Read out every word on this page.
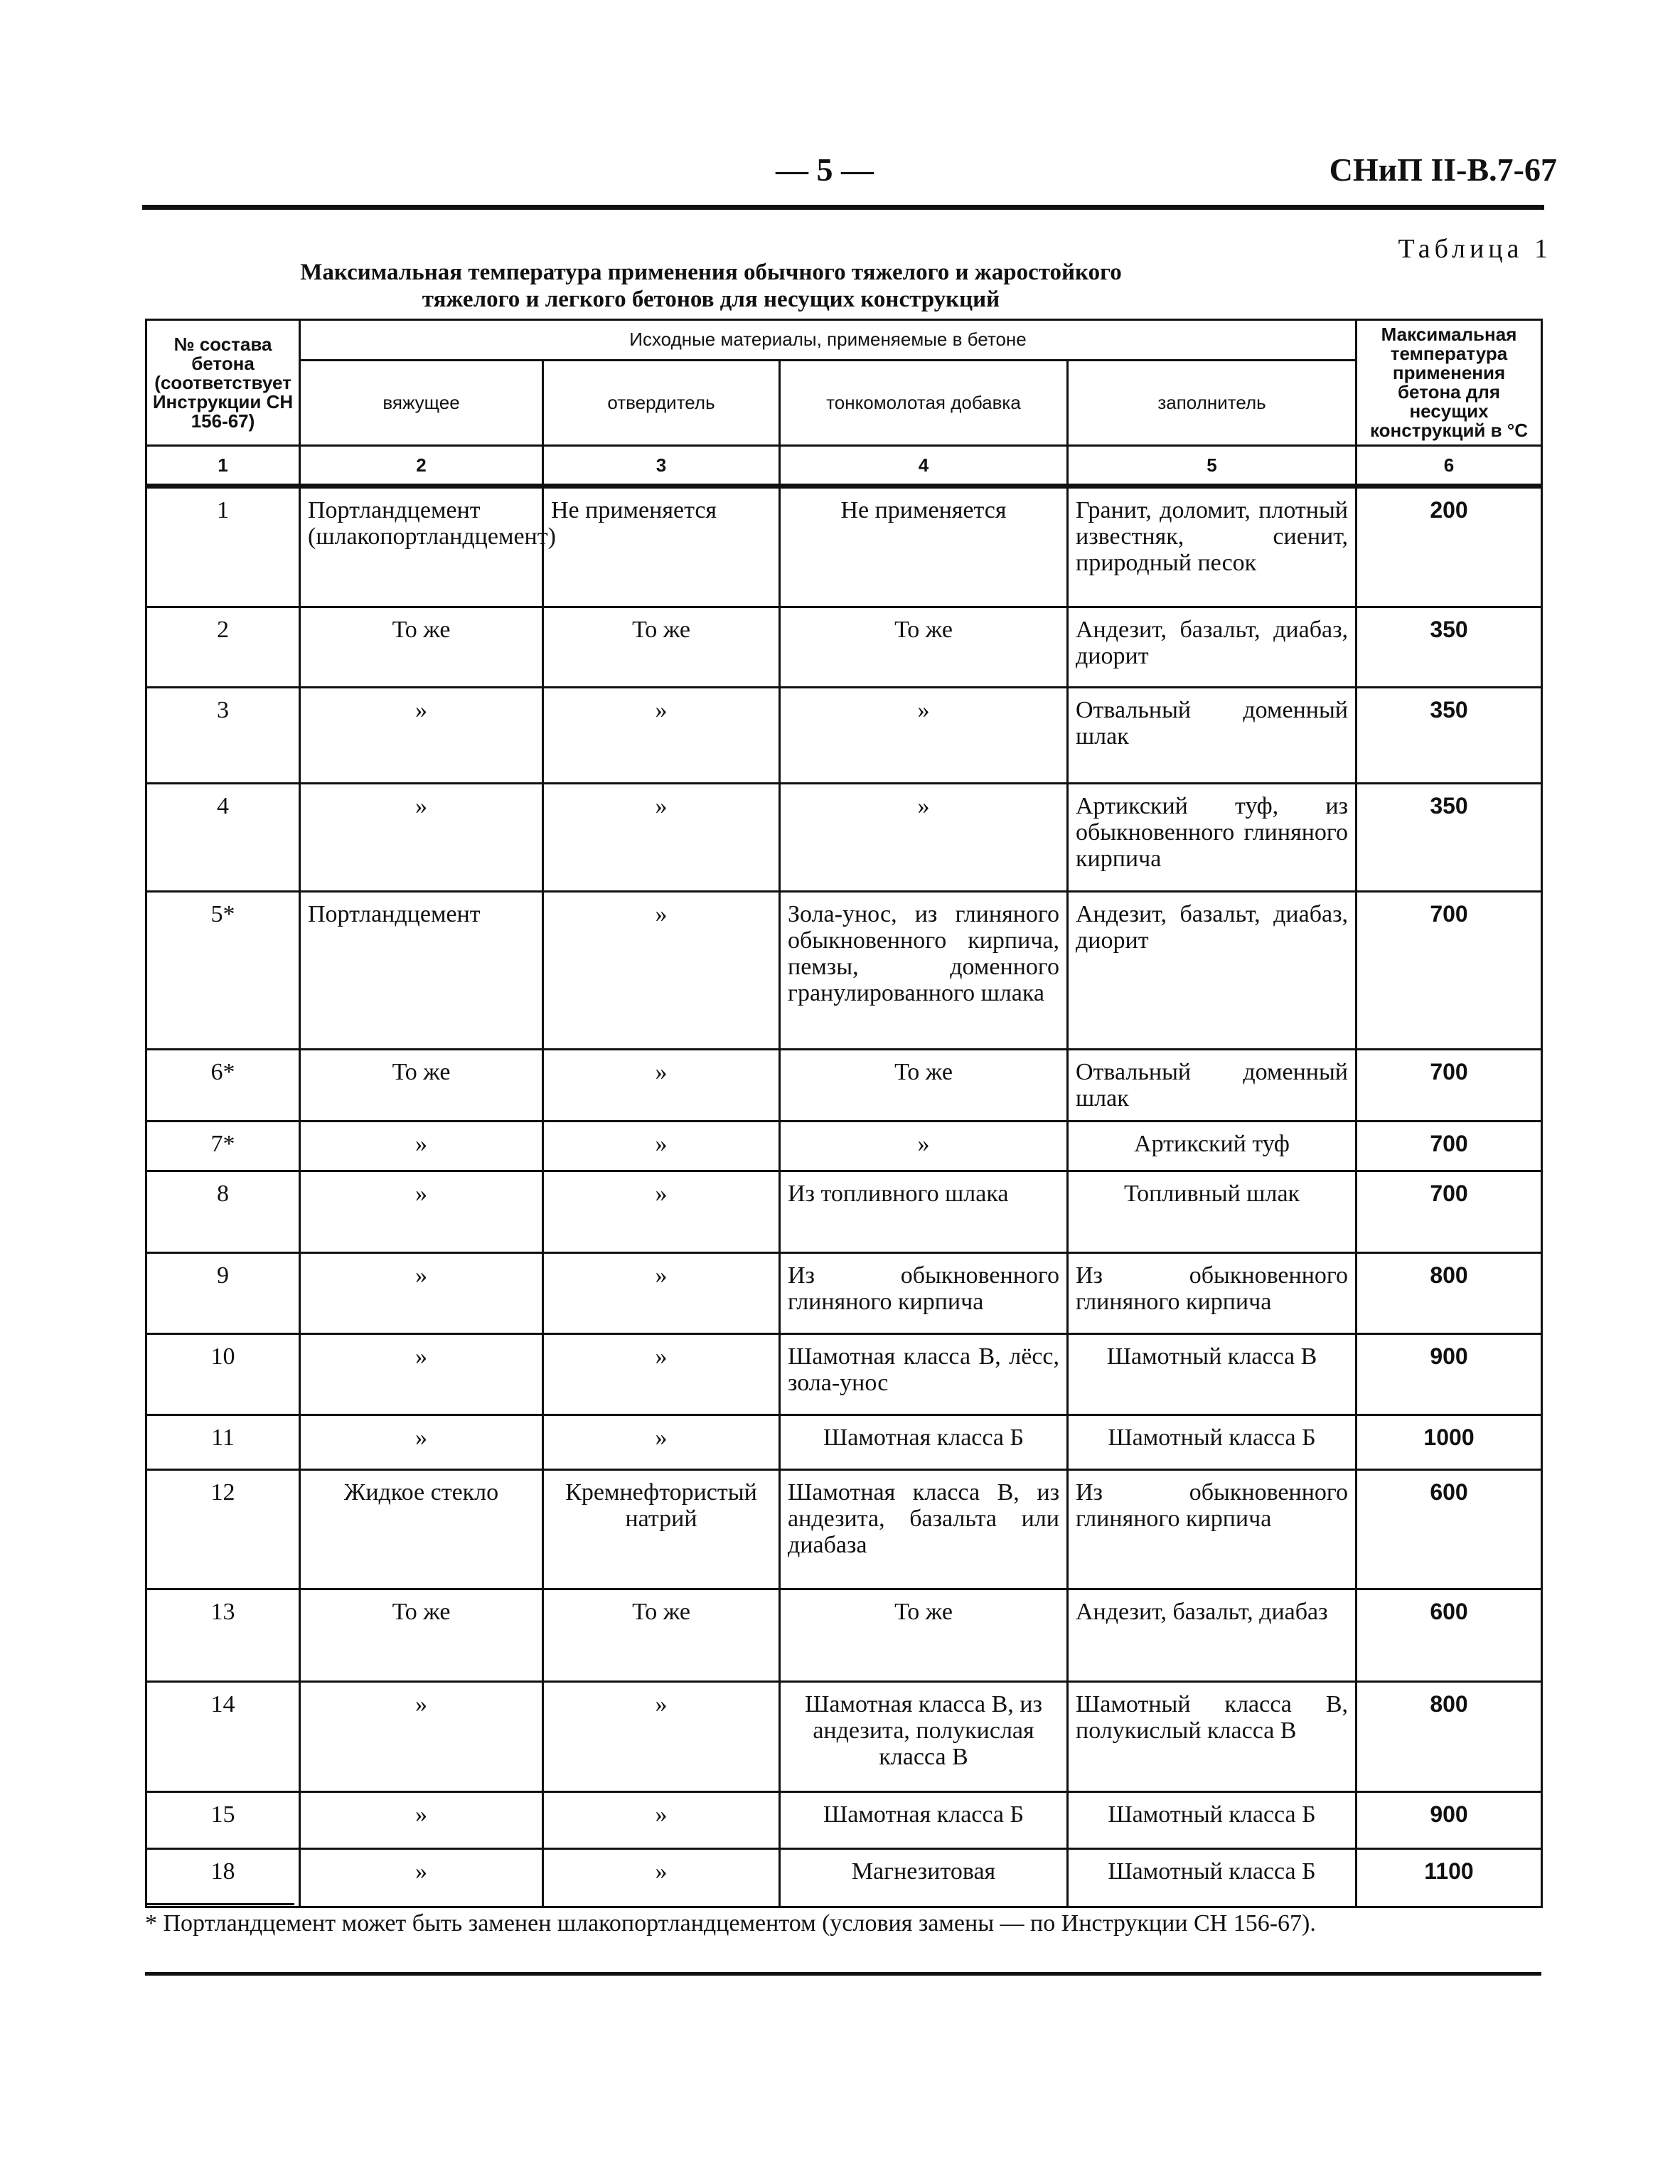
— 5 —	СНиП II-В.7-67
Таблица 1
Максимальная температура применения обычного тяжелого и жаростойкого
тяжелого и легкого бетонов для несущих конструкций
№ состава бетона (соответствует Инструкции СН 156-67)	Исходные материалы, применяемые в бетоне				Максимальная температура применения бетона для несущих конструкций в °С
	вяжущее	отвердитель	тонкомолотая добавка	заполнитель	
1	2	3	4	5	6
1	Портландцемент (шлакопортландцемент)	Не применяется	Не применяется	Гранит, доломит, плотный известняк, сиенит, природный песок	200
2	То же	То же	То же	Андезит, базальт, диабаз, диорит	350
3	»	»	»	Отвальный доменный шлак	350
4	»	»	»	Артикский туф, из обыкновенного глиняного кирпича	350
5*	Портландцемент	»	Зола-унос, из глиняного обыкновенного кирпича, пемзы, доменного гранулированного шлака	Андезит, базальт, диабаз, диорит	700
6*	То же	»	То же	Отвальный доменный шлак	700
7*	»	»	»	Артикский туф	700
8	»	»	Из топливного шлака	Топливный шлак	700
9	»	»	Из обыкновенного глиняного кирпича	Из обыкновенного глиняного кирпича	800
10	»	»	Шамотная класса В, лёсс, зола-унос	Шамотный класса В	900
11	»	»	Шамотная класса Б	Шамотный класса Б	1000
12	Жидкое стекло	Кремнефтористый натрий	Шамотная класса В, из андезита, базальта или диабаза	Из обыкновенного глиняного кирпича	600
13	То же	То же	То же	Андезит, базальт, диабаз	600
14	»	»	Шамотная класса В, из андезита, полукислая класса В	Шамотный класса В, полукислый класса В	800
15	»	»	Шамотная класса Б	Шамотный класса Б	900
18	»	»	Магнезитовая	Шамотный класса Б	1100
* Портландцемент может быть заменен шлакопортландцементом (условия замены — по Инструкции СН 156-67).
